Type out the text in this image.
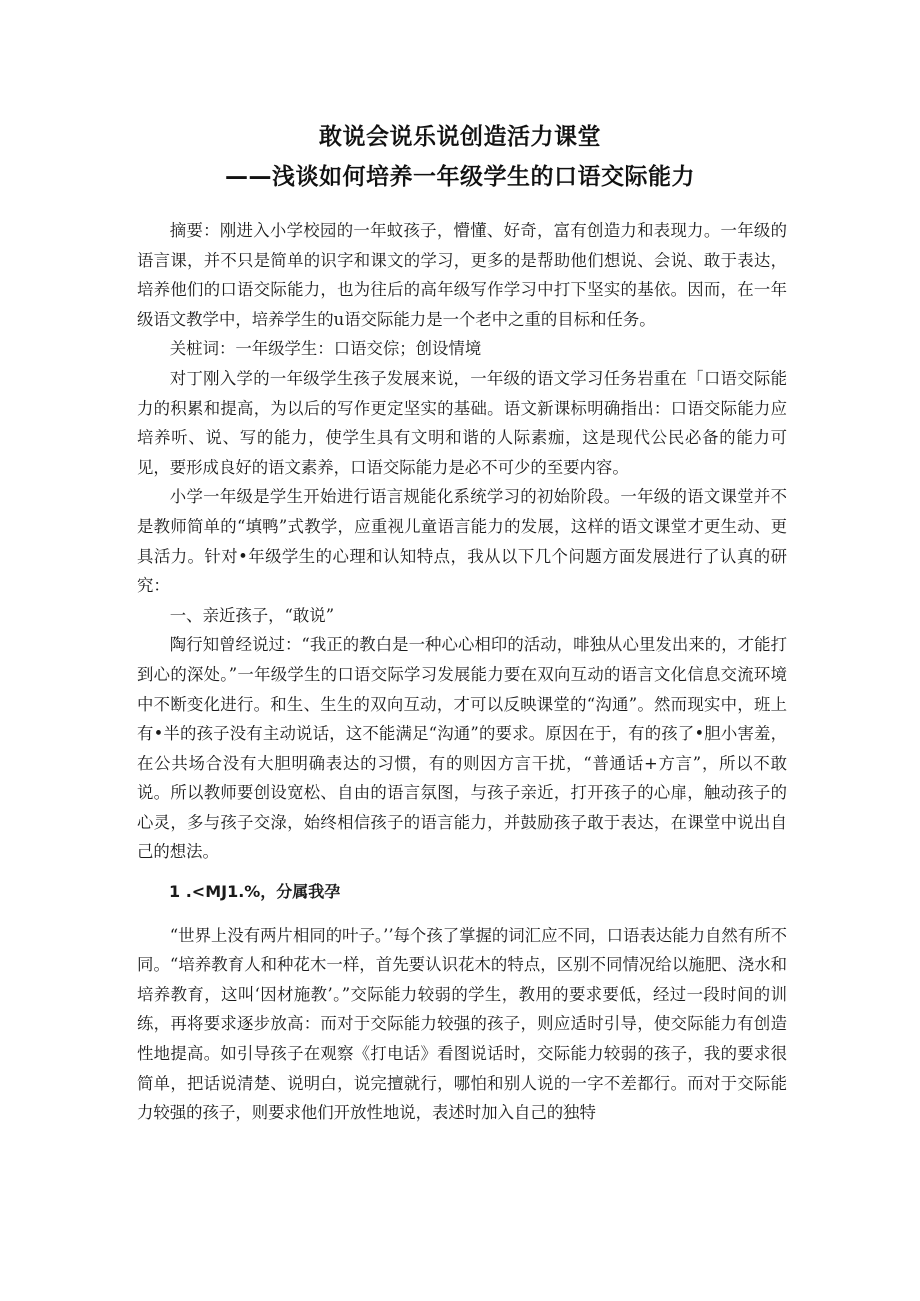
敢说会说乐说创造活力课堂
——浅谈如何培养一年级学生的口语交际能力

摘要：刚进入小学校园的一年蚊孩子，懵懂、好奇，富有创造力和表现力。一年级的语言课，并不只是简单的识字和课文的学习，更多的是帮助他们想说、会说、敢于表达，培养他们的口语交际能力，也为往后的高年级写作学习中打下坚实的基依。因而，在一年级语文教学中，培养学生的u语交际能力是一个老中之重的目标和任务。

关桩词：一年级学生：口语交倧；创设情境

对丁刚入学的一年级学生孩子发展来说，一年级的语文学习任务岩重在「口语交际能力的积累和提高，为以后的写作更定坚实的基础。语文新课标明确指出：口语交际能力应培养听、说、写的能力，使学生具有文明和谐的人际素痂，这是现代公民必备的能力可见，要形成良好的语文素养，口语交际能力是必不可少的至要内容。

小学一年级是学生开始进行语言规能化系统学习的初始阶段。一年级的语文课堂并不是教师简单的“填鸭”式教学，应重视儿童语言能力的发展，这样的语文课堂才更生动、更具活力。针对•年级学生的心理和认知特点，我从以下几个问题方面发展进行了认真的研究：

一、亲近孩子，“敢说”

陶行知曾经说过：“我正的教白是一种心心相印的活动，啡独从心里发出来的，才能打到心的深处。”一年级学生的口语交际学习发展能力要在双向互动的语言文化信息交流环境中不断变化进行。和生、生生的双向互动，才可以反映课堂的“沟通”。然而现实中，班上有•半的孩子没有主动说话，这不能满足“沟通”的要求。原因在于，有的孩了•胆小害羞，在公共场合没有大胆明确表达的习惯，有的则因方言干扰，“普通话+方言”，所以不敢说。所以教师要创设宽松、自由的语言氛图，与孩子亲近，打开孩子的心扉，触动孩子的心灵，多与孩子交淥，始终相信孩子的语言能力，并鼓励孩子敢于表达，在课堂中说出自己的想法。

1 .<MJ1.%，分属我孕

“世界上没有两片相同的叶子。’’每个孩了掌握的词汇应不同，口语表达能力自然有所不同。“培养教育人和种花木一样，首先要认识花木的特点，区别不同情况给以施肥、浇水和培养教育，这叫‘因材施教’。”交际能力较弱的学生，教用的要求要低，经过一段时间的训练，再将要求逐步放高：而对于交际能力较强的孩子，则应适时引导，使交际能力有创造性地提高。如引导孩子在观察《打电话》看图说话时，交际能力较弱的孩子，我的要求很简单，把话说清楚、说明白，说完擅就行，哪怕和别人说的一字不差都行。而对于交际能力较强的孩子，则要求他们开放性地说，表述时加入自己的独特
